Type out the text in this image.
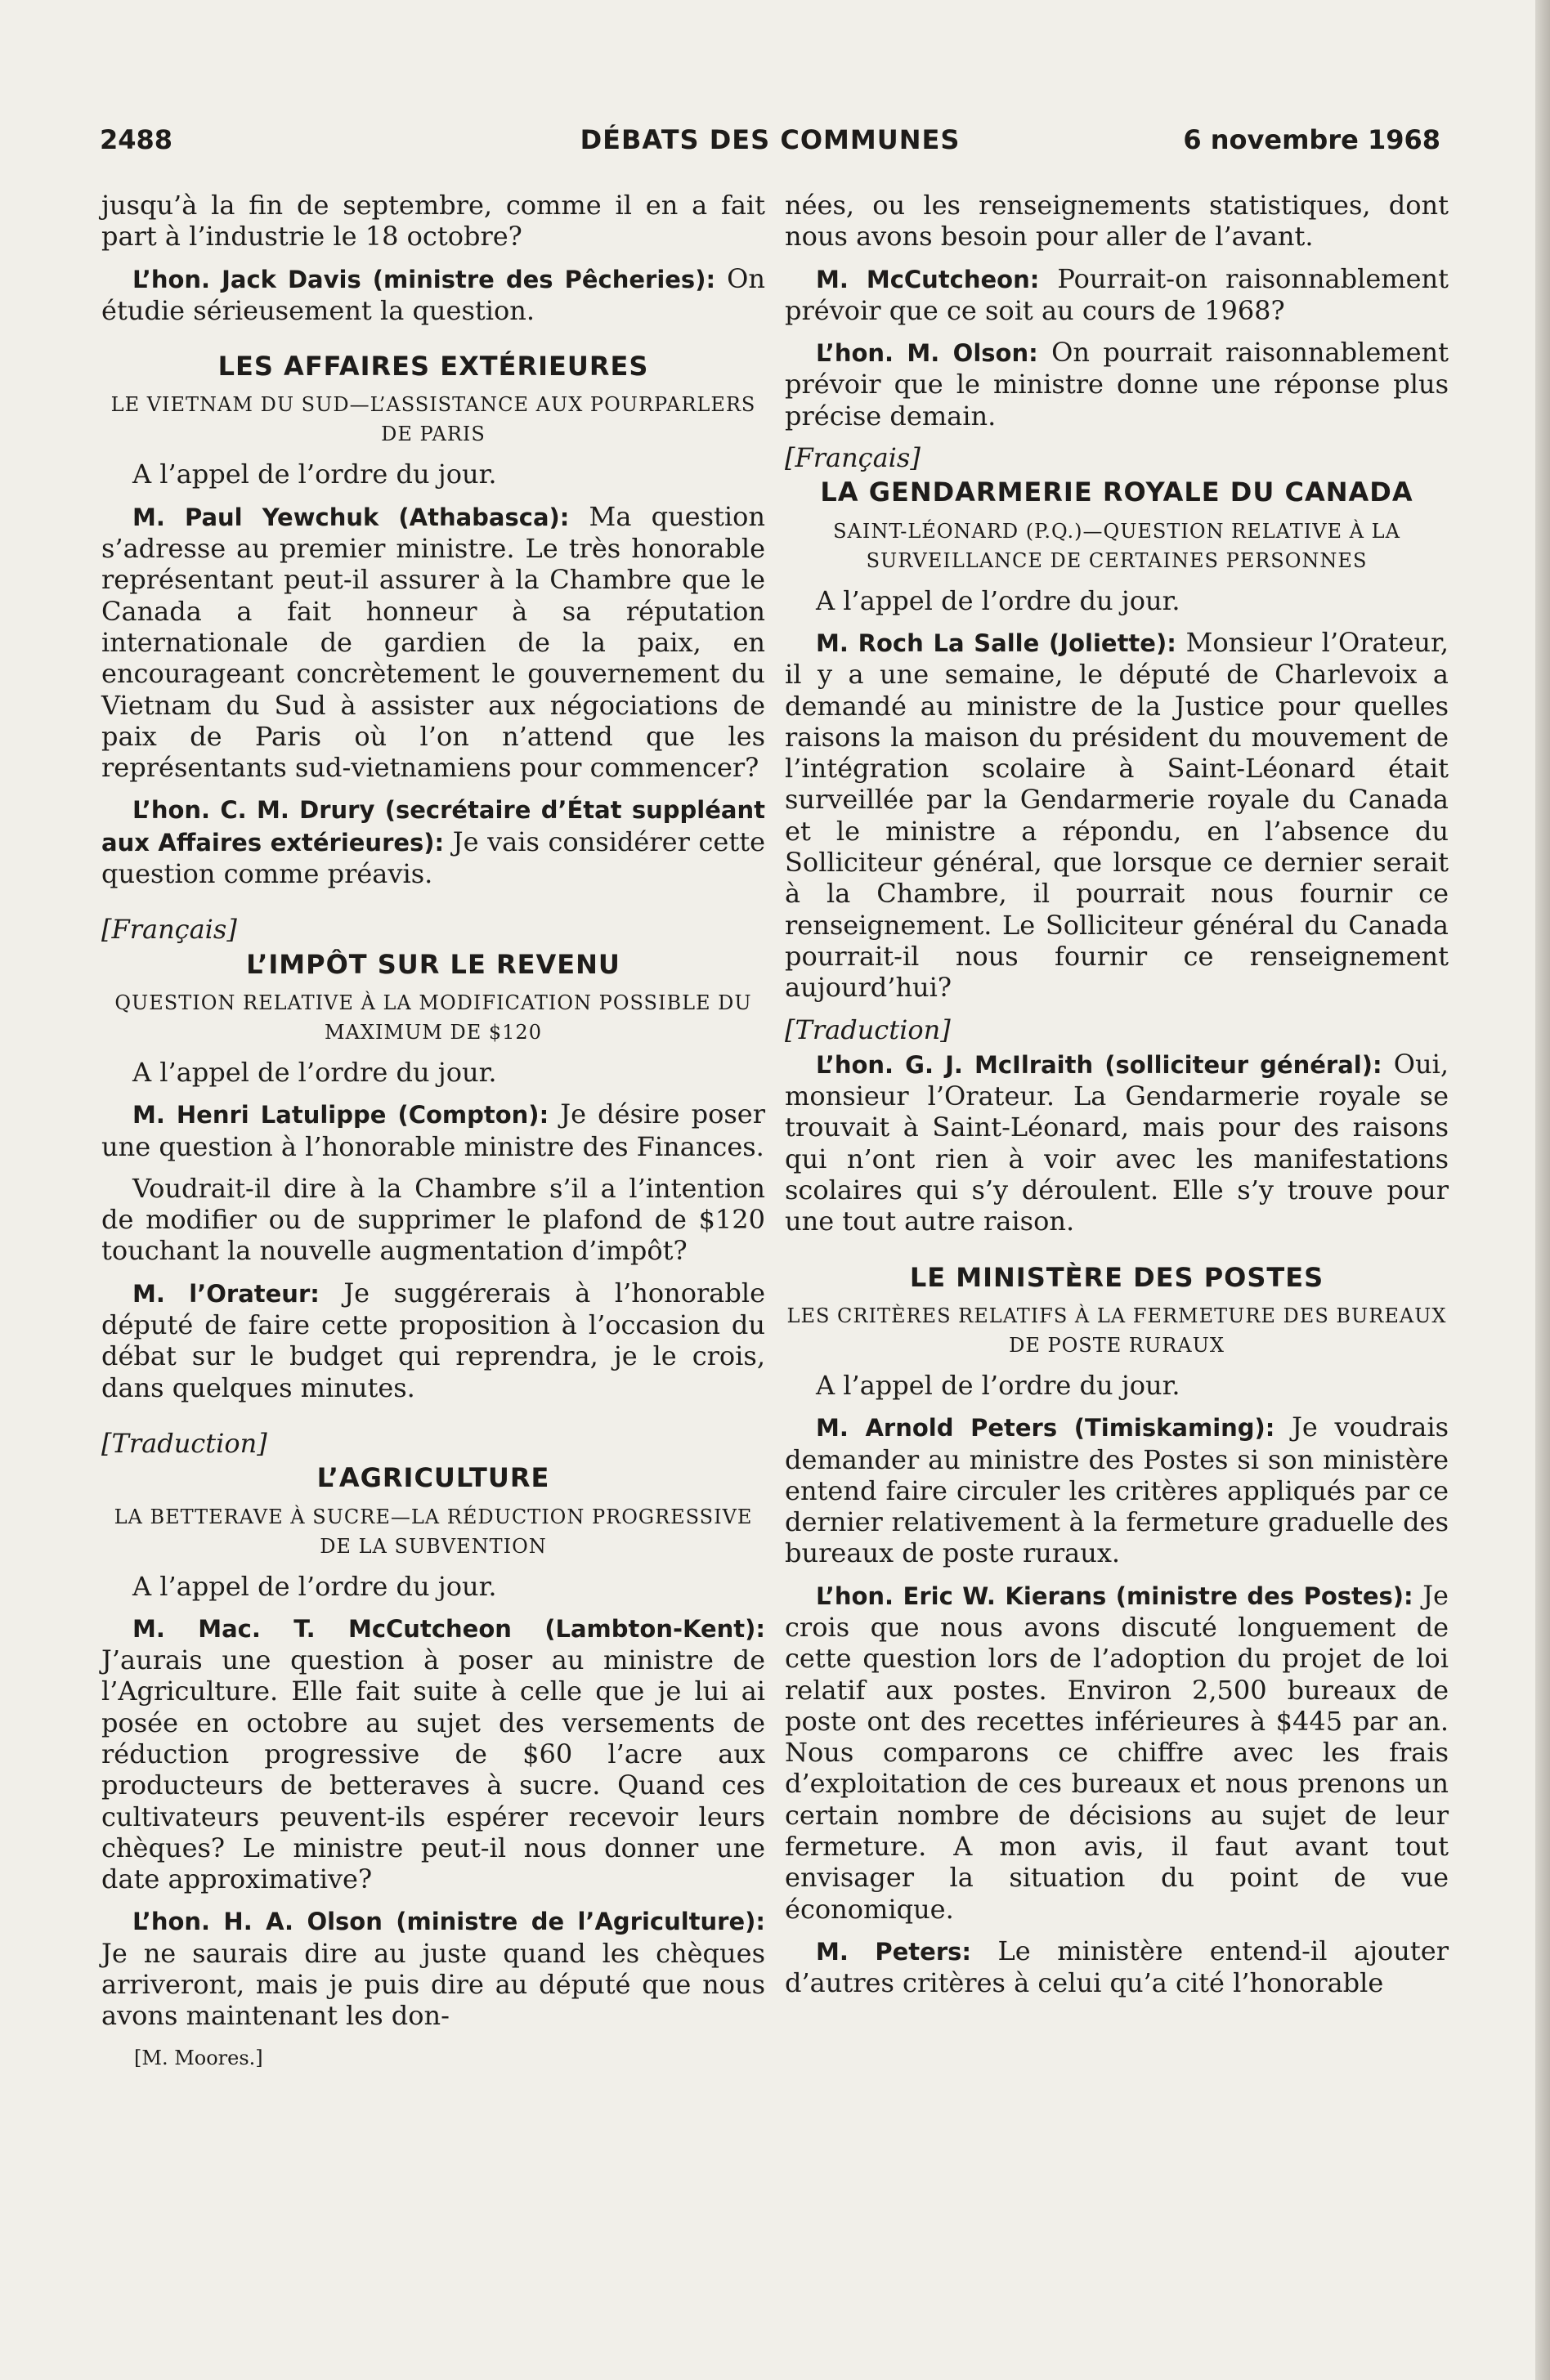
2488	DÉBATS DES COMMUNES	6 novembre 1968

jusqu’à la fin de septembre, comme il en a fait part à l’industrie le 18 octobre?

L’hon. Jack Davis (ministre des Pêcheries): On étudie sérieusement la question.

LES AFFAIRES EXTÉRIEURES
LE VIETNAM DU SUD—L’ASSISTANCE AUX POURPARLERS DE PARIS

A l’appel de l’ordre du jour.

M. Paul Yewchuk (Athabasca): Ma question s’adresse au premier ministre. Le très honorable représentant peut-il assurer à la Chambre que le Canada a fait honneur à sa réputation internationale de gardien de la paix, en encourageant concrètement le gouvernement du Vietnam du Sud à assister aux négociations de paix de Paris où l’on n’attend que les représentants sud-vietnamiens pour commencer?

L’hon. C. M. Drury (secrétaire d’État suppléant aux Affaires extérieures): Je vais considérer cette question comme préavis.

[Français]
L’IMPÔT SUR LE REVENU
QUESTION RELATIVE À LA MODIFICATION POSSIBLE DU MAXIMUM DE $120

A l’appel de l’ordre du jour.

M. Henri Latulippe (Compton): Je désire poser une question à l’honorable ministre des Finances.

Voudrait-il dire à la Chambre s’il a l’intention de modifier ou de supprimer le plafond de $120 touchant la nouvelle augmentation d’impôt?

M. l’Orateur: Je suggérerais à l’honorable député de faire cette proposition à l’occasion du débat sur le budget qui reprendra, je le crois, dans quelques minutes.

[Traduction]
L’AGRICULTURE
LA BETTERAVE À SUCRE—LA RÉDUCTION PROGRESSIVE DE LA SUBVENTION

A l’appel de l’ordre du jour.

M. Mac. T. McCutcheon (Lambton-Kent): J’aurais une question à poser au ministre de l’Agriculture. Elle fait suite à celle que je lui ai posée en octobre au sujet des versements de réduction progressive de $60 l’acre aux producteurs de betteraves à sucre. Quand ces cultivateurs peuvent-ils espérer recevoir leurs chèques? Le ministre peut-il nous donner une date approximative?

L’hon. H. A. Olson (ministre de l’Agriculture): Je ne saurais dire au juste quand les chèques arriveront, mais je puis dire au député que nous avons maintenant les don-

[M. Moores.]

nées, ou les renseignements statistiques, dont nous avons besoin pour aller de l’avant.

M. McCutcheon: Pourrait-on raisonnablement prévoir que ce soit au cours de 1968?

L’hon. M. Olson: On pourrait raisonnablement prévoir que le ministre donne une réponse plus précise demain.

[Français]
LA GENDARMERIE ROYALE DU CANADA
SAINT-LÉONARD (P.Q.)—QUESTION RELATIVE À LA SURVEILLANCE DE CERTAINES PERSONNES

A l’appel de l’ordre du jour.

M. Roch La Salle (Joliette): Monsieur l’Orateur, il y a une semaine, le député de Charlevoix a demandé au ministre de la Justice pour quelles raisons la maison du président du mouvement de l’intégration scolaire à Saint-Léonard était surveillée par la Gendarmerie royale du Canada et le ministre a répondu, en l’absence du Solliciteur général, que lorsque ce dernier serait à la Chambre, il pourrait nous fournir ce renseignement. Le Solliciteur général du Canada pourrait-il nous fournir ce renseignement aujourd’hui?

[Traduction]

L’hon. G. J. McIlraith (solliciteur général): Oui, monsieur l’Orateur. La Gendarmerie royale se trouvait à Saint-Léonard, mais pour des raisons qui n’ont rien à voir avec les manifestations scolaires qui s’y déroulent. Elle s’y trouve pour une tout autre raison.

LE MINISTÈRE DES POSTES
LES CRITÈRES RELATIFS À LA FERMETURE DES BUREAUX DE POSTE RURAUX

A l’appel de l’ordre du jour.

M. Arnold Peters (Timiskaming): Je voudrais demander au ministre des Postes si son ministère entend faire circuler les critères appliqués par ce dernier relativement à la fermeture graduelle des bureaux de poste ruraux.

L’hon. Eric W. Kierans (ministre des Postes): Je crois que nous avons discuté longuement de cette question lors de l’adoption du projet de loi relatif aux postes. Environ 2,500 bureaux de poste ont des recettes inférieures à $445 par an. Nous comparons ce chiffre avec les frais d’exploitation de ces bureaux et nous prenons un certain nombre de décisions au sujet de leur fermeture. A mon avis, il faut avant tout envisager la situation du point de vue économique.

M. Peters: Le ministère entend-il ajouter d’autres critères à celui qu’a cité l’honorable
